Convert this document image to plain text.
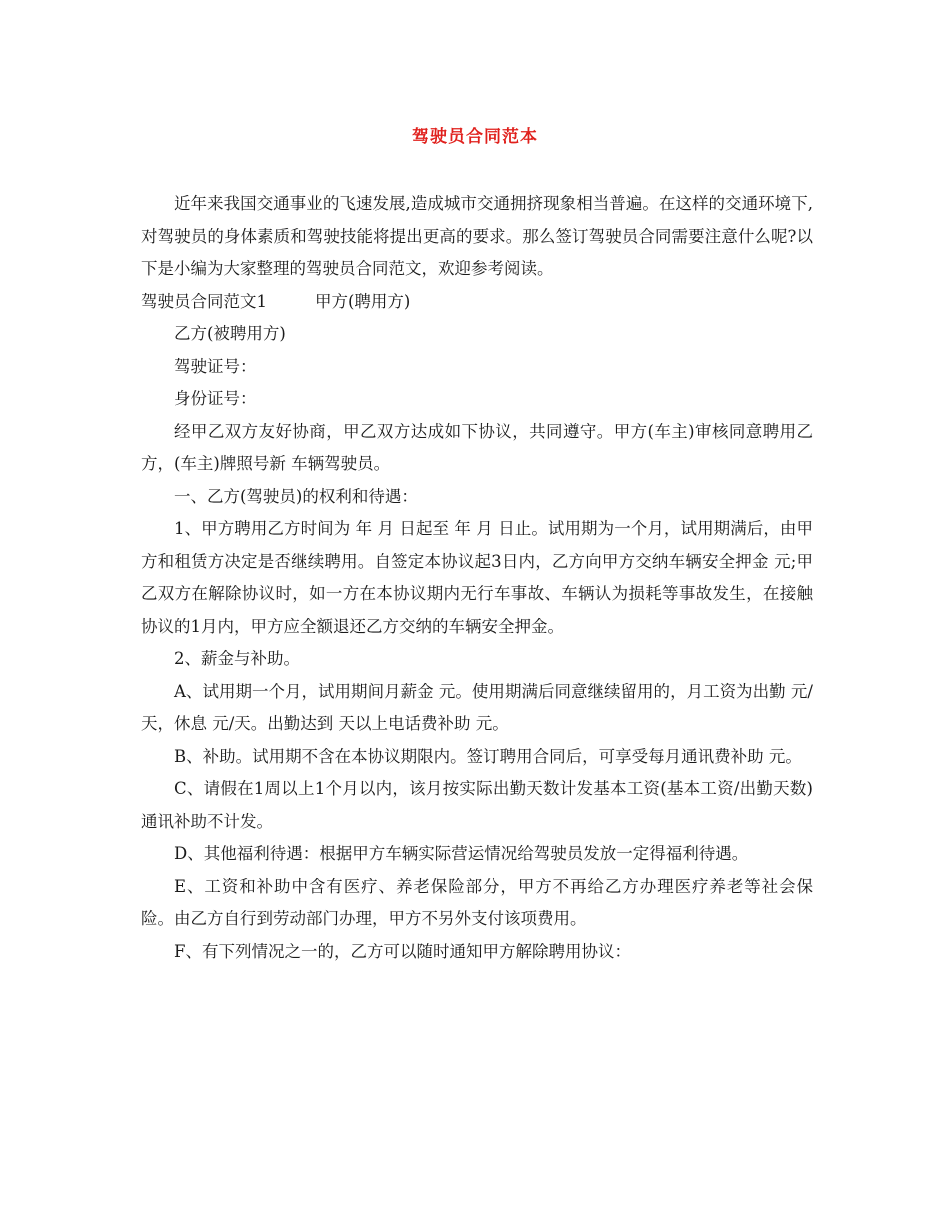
驾驶员合同范本

近年来我国交通事业的飞速发展,造成城市交通拥挤现象相当普遍。在这样的交通环境下,对驾驶员的身体素质和驾驶技能将提出更高的要求。那么签订驾驶员合同需要注意什么呢?以下是小编为大家整理的驾驶员合同范文，欢迎参考阅读。

驾驶员合同范文1	甲方(聘用方)

乙方(被聘用方)

驾驶证号：

身份证号：

经甲乙双方友好协商，甲乙双方达成如下协议，共同遵守。甲方(车主)审核同意聘用乙方，(车主)牌照号新 车辆驾驶员。

一、乙方(驾驶员)的权利和待遇：

1、甲方聘用乙方时间为 年 月 日起至 年 月 日止。试用期为一个月，试用期满后，由甲方和租赁方决定是否继续聘用。自签定本协议起3日内，乙方向甲方交纳车辆安全押金 元;甲乙双方在解除协议时，如一方在本协议期内无行车事故、车辆认为损耗等事故发生，在接触协议的1月内，甲方应全额退还乙方交纳的车辆安全押金。

2、薪金与补助。

A、试用期一个月，试用期间月薪金 元。使用期满后同意继续留用的，月工资为出勤 元/天，休息 元/天。出勤达到 天以上电话费补助 元。

B、补助。试用期不含在本协议期限内。签订聘用合同后，可享受每月通讯费补助 元。

C、请假在1周以上1个月以内，该月按实际出勤天数计发基本工资(基本工资/出勤天数)通讯补助不计发。

D、其他福利待遇：根据甲方车辆实际营运情况给驾驶员发放一定得福利待遇。

E、工资和补助中含有医疗、养老保险部分，甲方不再给乙方办理医疗养老等社会保险。由乙方自行到劳动部门办理，甲方不另外支付该项费用。

F、有下列情况之一的，乙方可以随时通知甲方解除聘用协议：
